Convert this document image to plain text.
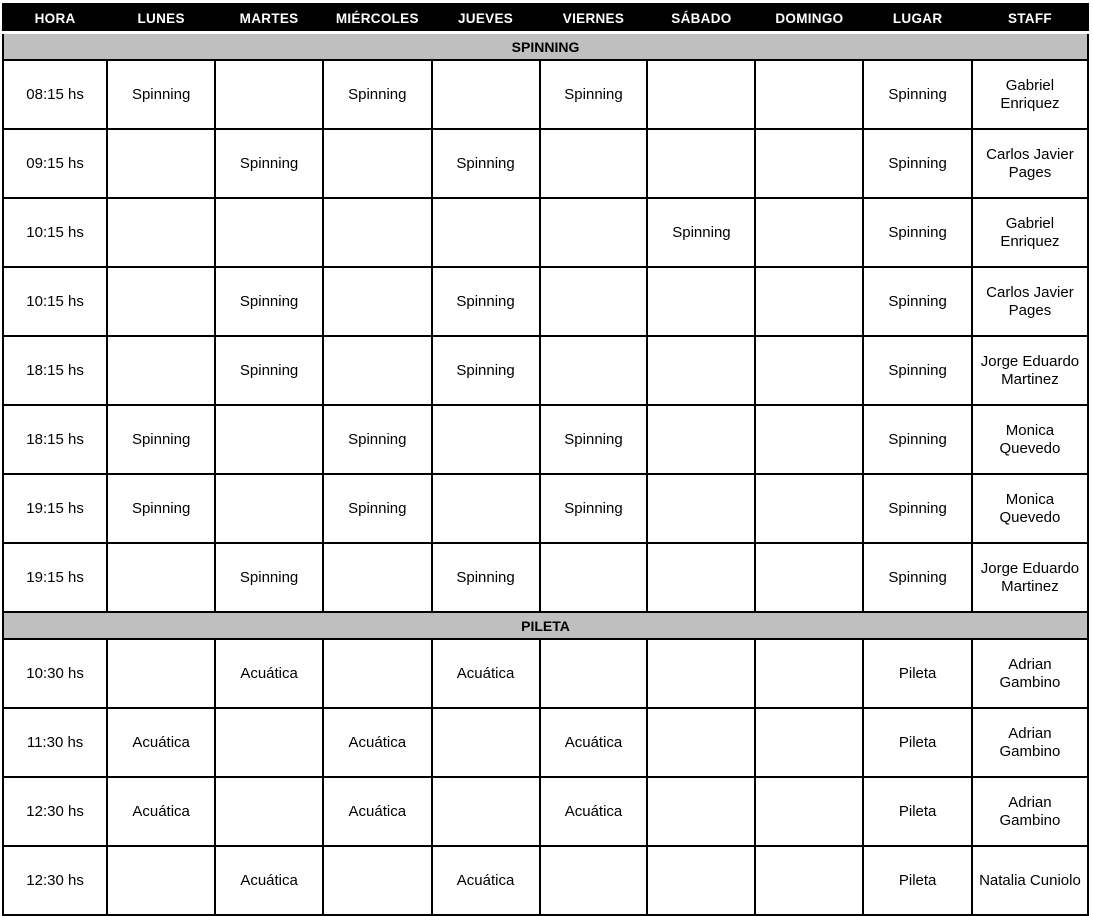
HORA	LUNES	MARTES	MIÉRCOLES	JUEVES	VIERNES	SÁBADO	DOMINGO	LUGAR	STAFF
SPINNING									
08:15 hs	Spinning		Spinning		Spinning			Spinning	Gabriel Enriquez
09:15 hs		Spinning		Spinning				Spinning	Carlos Javier Pages
10:15 hs						Spinning		Spinning	Gabriel Enriquez
10:15 hs		Spinning		Spinning				Spinning	Carlos Javier Pages
18:15 hs		Spinning		Spinning				Spinning	Jorge Eduardo Martinez
18:15 hs	Spinning		Spinning		Spinning			Spinning	Monica Quevedo
19:15 hs	Spinning		Spinning		Spinning			Spinning	Monica Quevedo
19:15 hs		Spinning		Spinning				Spinning	Jorge Eduardo Martinez
PILETA									
10:30 hs		Acuática		Acuática				Pileta	Adrian Gambino
11:30 hs	Acuática		Acuática		Acuática			Pileta	Adrian Gambino
12:30 hs	Acuática		Acuática		Acuática			Pileta	Adrian Gambino
12:30 hs		Acuática		Acuática				Pileta	Natalia Cuniolo
